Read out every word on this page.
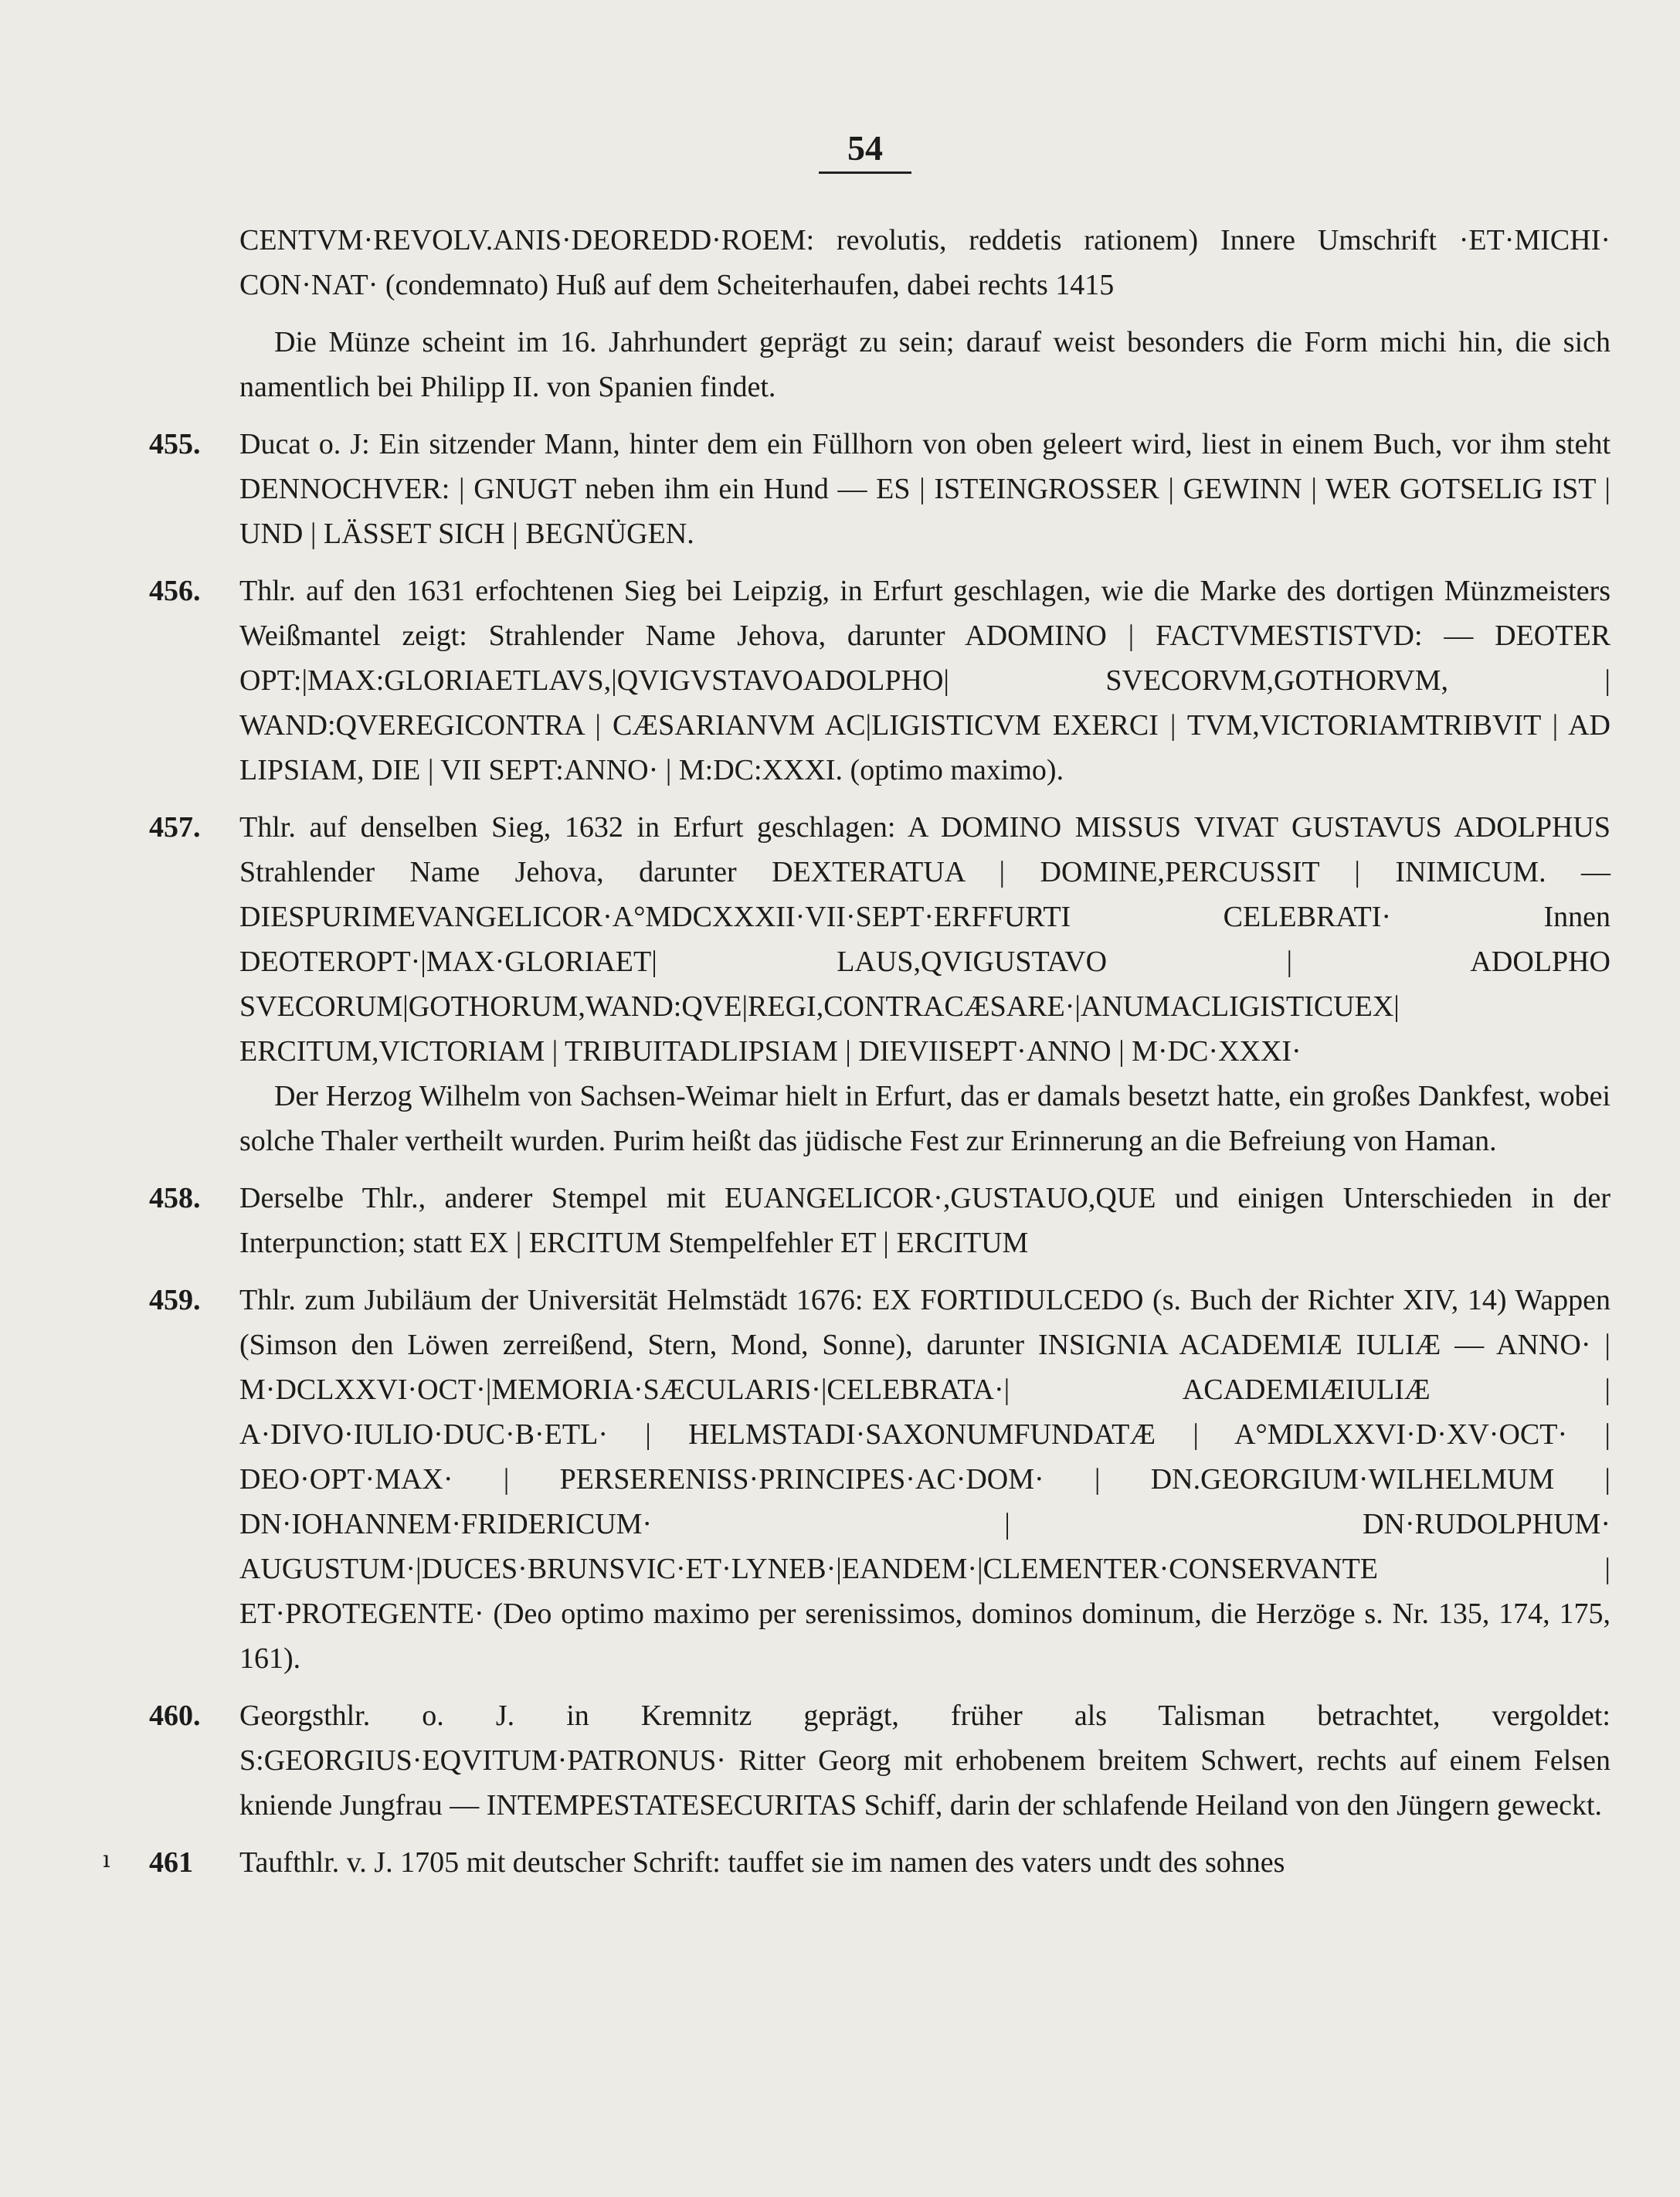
54

CENTVM·REVOLV.ANIS·DEOREDD·ROEM: revolutis, reddetis rationem) Innere Umschrift ·ET·MICHI· CON·NAT· (condemnato) Huß auf dem Scheiterhaufen, dabei rechts 1415

Die Münze scheint im 16. Jahrhundert geprägt zu sein; darauf weist besonders die Form michi hin, die sich namentlich bei Philipp II. von Spanien findet.

455.	Ducat o. J: Ein sitzender Mann, hinter dem ein Füllhorn von oben geleert wird, liest in einem Buch, vor ihm steht DENNOCHVER: | GNUGT neben ihm ein Hund — ES | ISTEINGROSSER | GEWINN | WER GOTSELIG IST | UND | LÄSSET SICH | BEGNÜGEN.
456.	Thlr. auf den 1631 erfochtenen Sieg bei Leipzig, in Erfurt geschlagen, wie die Marke des dortigen Münzmeisters Weißmantel zeigt: Strahlender Name Jehova, darunter ADOMINO | FACTVMESTISTVD: — DEOTER OPT:|MAX:GLORIAETLAVS,|QVIGVSTAVOADOLPHO| SVECORVM,GOTHORVM, | WAND:QVEREGICONTRA | CÆSARIANVM AC|LIGISTICVM EXERCI | TVM,VICTORIAMTRIBVIT | AD LIPSIAM, DIE | VII SEPT:ANNO· | M:DC:XXXI. (optimo maximo).
457.	Thlr. auf denselben Sieg, 1632 in Erfurt geschlagen: A DOMINO MISSUS VIVAT GUSTAVUS ADOLPHUS Strahlender Name Jehova, darunter DEXTERATUA | DOMINE,PERCUSSIT | INIMICUM. — DIESPURIMEVANGELICOR·A°MDCXXXII·VII·SEPT·ERFFURTI CELEBRATI· Innen DEOTEROPT·|MAX·GLORIAET| LAUS,QVIGUSTAVO | ADOLPHO SVECORUM|GOTHORUM,WAND:QVE|REGI,CONTRACÆSARE·|ANUMACLIGISTICUEX| ERCITUM,VICTORIAM | TRIBUITADLIPSIAM | DIEVIISEPT·ANNO | M·DC·XXXI·
Der Herzog Wilhelm von Sachsen-Weimar hielt in Erfurt, das er damals besetzt hatte, ein großes Dankfest, wobei solche Thaler vertheilt wurden. Purim heißt das jüdische Fest zur Erinnerung an die Befreiung von Haman.
458.	Derselbe Thlr., anderer Stempel mit EUANGELICOR·,GUSTAUO,QUE und einigen Unterschieden in der Interpunction; statt EX | ERCITUM Stempelfehler ET | ERCITUM
459.	Thlr. zum Jubiläum der Universität Helmstädt 1676: EX FORTIDULCEDO (s. Buch der Richter XIV, 14) Wappen (Simson den Löwen zerreißend, Stern, Mond, Sonne), darunter INSIGNIA ACADEMIÆ IULIÆ — ANNO· | M·DCLXXVI·OCT·|MEMORIA·SÆCULARIS·|CELEBRATA·| ACADEMIÆIULIÆ | A·DIVO·IULIO·DUC·B·ETL· | HELMSTADI·SAXONUMFUNDATÆ | A°MDLXXVI·D·XV·OCT· | DEO·OPT·MAX· | PERSERENISS·PRINCIPES·AC·DOM· | DN.GEORGIUM·WILHELMUM | DN·IOHANNEM·FRIDERICUM· | DN·RUDOLPHUM· AUGUSTUM·|DUCES·BRUNSVIC·ET·LYNEB·|EANDEM·|CLEMENTER·CONSERVANTE | ET·PROTEGENTE· (Deo optimo maximo per serenissimos, dominos dominum, die Herzöge s. Nr. 135, 174, 175, 161).
460.	Georgsthlr. o. J. in Kremnitz geprägt, früher als Talisman betrachtet, vergoldet: S:GEORGIUS·EQVITUM·PATRONUS· Ritter Georg mit erhobenem breitem Schwert, rechts auf einem Felsen kniende Jungfrau — INTEMPESTATESECURITAS Schiff, darin der schlafende Heiland von den Jüngern geweckt.
461	Taufthlr. v. J. 1705 mit deutscher Schrift: tauffet sie im namen des vaters undt des sohnes
ı
